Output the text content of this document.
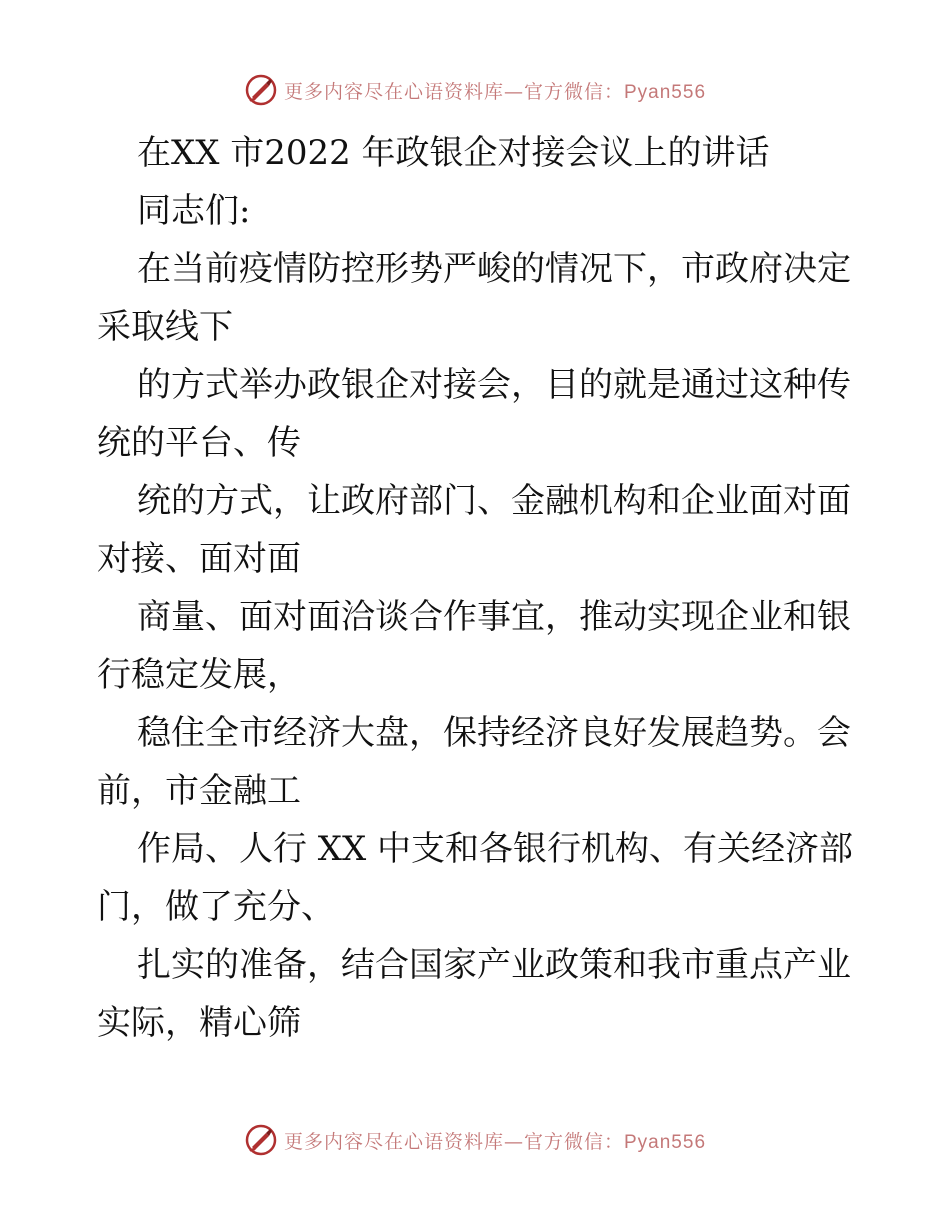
更多内容尽在心语资料库—官方微信：Pyan556
在XX 市2022 年政银企对接会议上的讲话
同志们:
在当前疫情防控形势严峻的情况下，市政府决定
采取线下
的方式举办政银企对接会，目的就是通过这种传
统的平台、传
统的方式，让政府部门、金融机构和企业面对面
对接、面对面
商量、面对面洽谈合作事宜，推动实现企业和银
行稳定发展，
稳住全市经济大盘，保持经济良好发展趋势。会
前，市金融工
作局、人行 XX 中支和各银行机构、有关经济部
门，做了充分、
扎实的准备，结合国家产业政策和我市重点产业
实际，精心筛
更多内容尽在心语资料库—官方微信：Pyan556
